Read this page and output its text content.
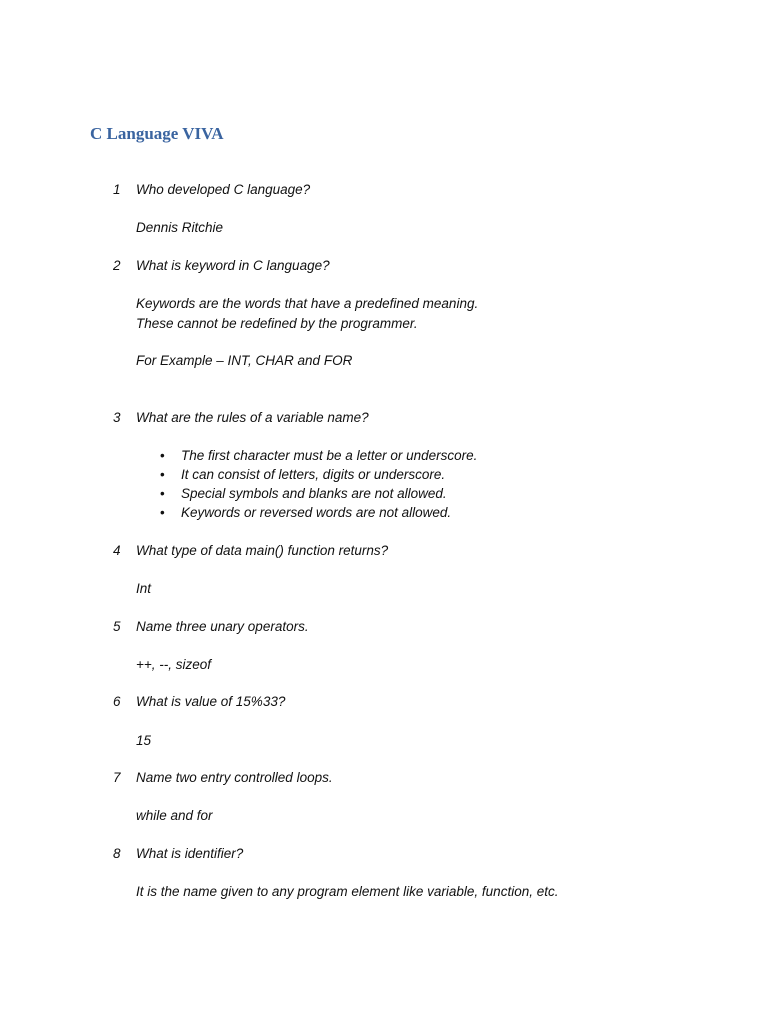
C Language VIVA
1 Who developed C language?
Dennis Ritchie
2 What is keyword in C language?
Keywords are the words that have a predefined meaning.
These cannot be redefined by the programmer.
For Example – INT, CHAR and FOR
3 What are the rules of a variable name?
• The first character must be a letter or underscore.
• It can consist of letters, digits or underscore.
• Special symbols and blanks are not allowed.
• Keywords or reversed words are not allowed.
4 What type of data main() function returns?
Int
5 Name three unary operators.
++, --, sizeof
6 What is value of 15%33?
15
7 Name two entry controlled loops.
while and for
8 What is identifier?
It is the name given to any program element like variable, function, etc.
